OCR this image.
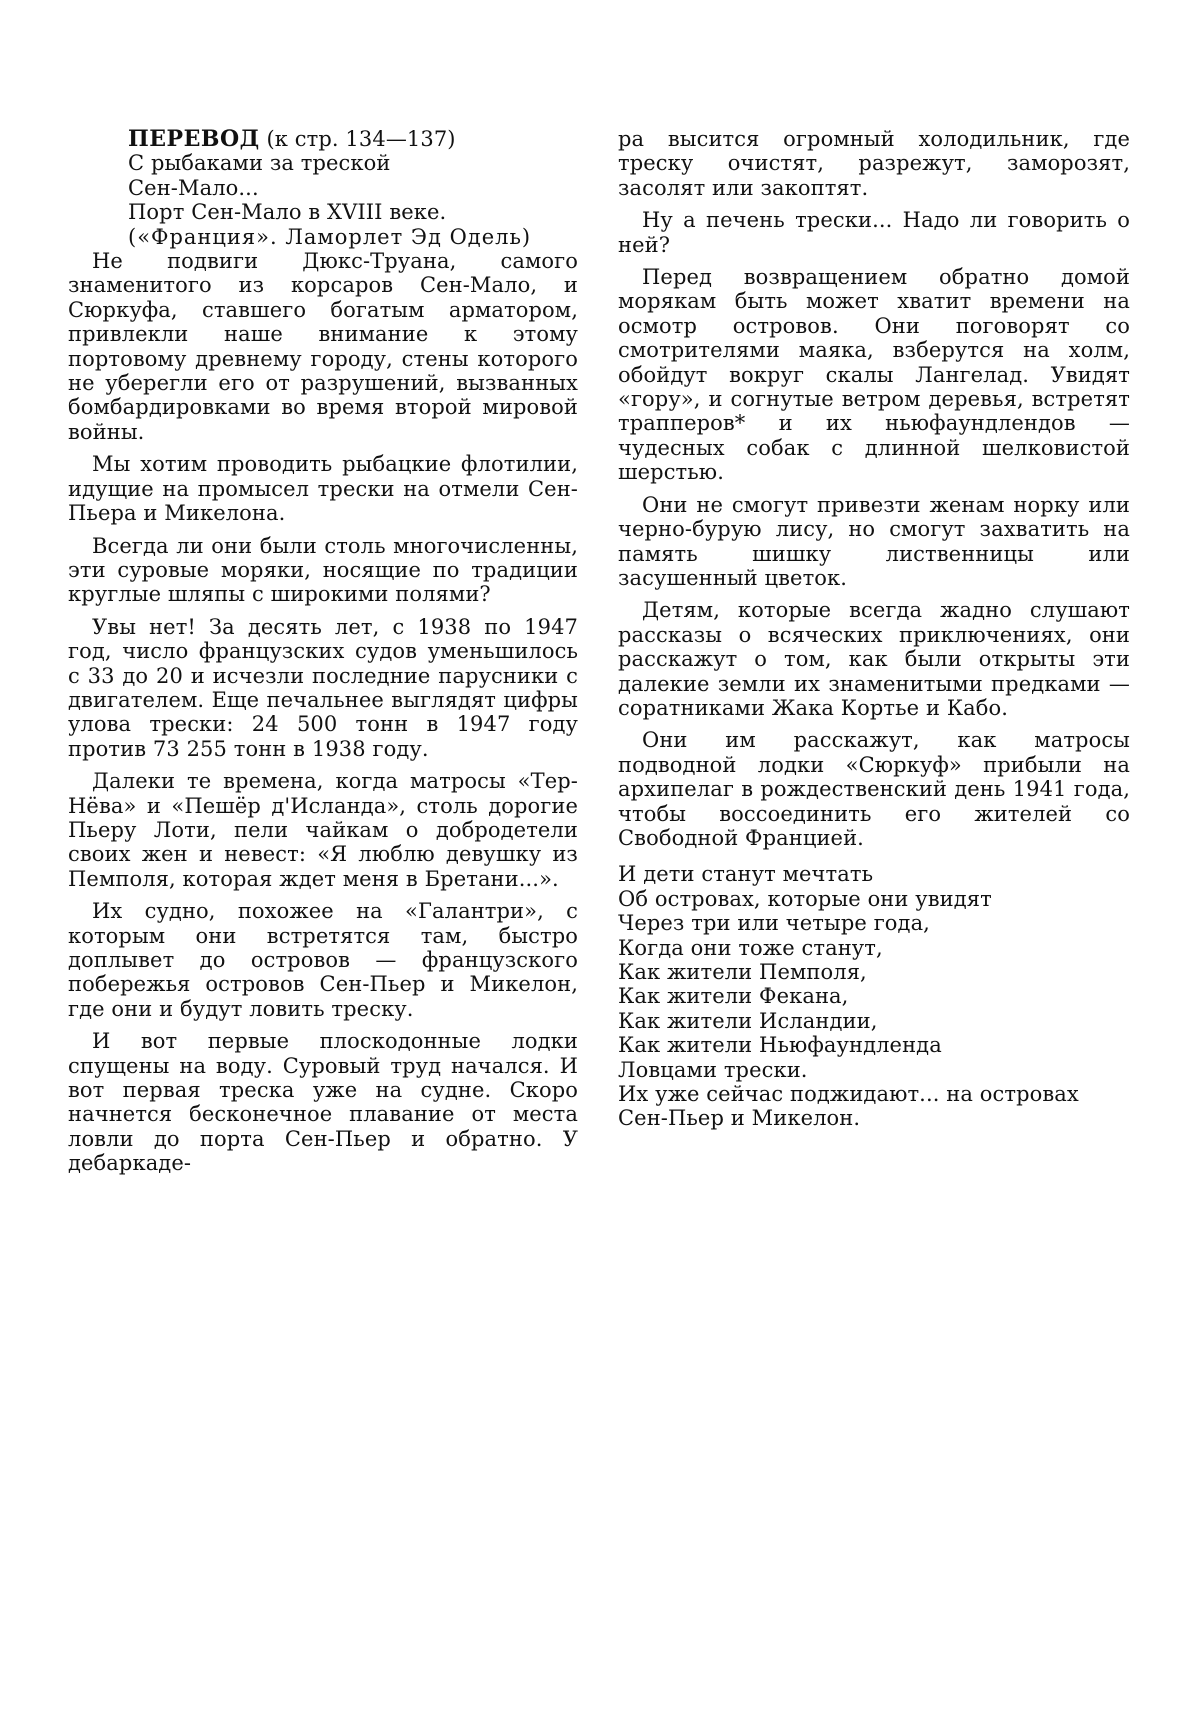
ПЕРЕВОД (к стр. 134—137)
С рыбаками за треской
Сен-Мало...
Порт Сен-Мало в XVIII веке.
(«Франция». Ламорлет Эд Одель)

Не подвиги Дюкс-Труана, самого знаменитого из корсаров Сен-Мало, и Сюркуфа, ставшего богатым арматором, привлекли наше внимание к этому портовому древнему городу, стены которого не уберегли его от разрушений, вызванных бомбардировками во время второй мировой войны.

Мы хотим проводить рыбацкие флотилии, идущие на промысел трески на отмели Сен-Пьера и Микелона.

Всегда ли они были столь многочисленны, эти суровые моряки, носящие по традиции круглые шляпы с широкими полями?

Увы нет! За десять лет, с 1938 по 1947 год, число французских судов уменьшилось с 33 до 20 и исчезли последние парусники с двигателем. Еще печальнее выглядят цифры улова трески: 24 500 тонн в 1947 году против 73 255 тонн в 1938 году.

Далеки те времена, когда матросы «Тер-Нёва» и «Пешёр д'Исланда», столь дорогие Пьеру Лоти, пели чайкам о добродетели своих жен и невест: «Я люблю девушку из Пемполя, которая ждет меня в Бретани...».

Их судно, похожее на «Галантри», с которым они встретятся там, быстро доплывет до островов — французского побережья островов Сен-Пьер и Микелон, где они и будут ловить треску.

И вот первые плоскодонные лодки спущены на воду. Суровый труд начался. И вот первая треска уже на судне. Скоро начнется бесконечное плавание от места ловли до порта Сен-Пьер и обратно. У дебаркаде-

ра высится огромный холодильник, где треску очистят, разрежут, заморозят, засолят или закоптят.

Ну а печень трески... Надо ли говорить о ней?

Перед возвращением обратно домой морякам быть может хватит времени на осмотр островов. Они поговорят со смотрителями маяка, взберутся на холм, обойдут вокруг скалы Лангелад. Увидят «гору», и согнутые ветром деревья, встретят трапперов* и их ньюфаундлендов — чудесных собак с длинной шелковистой шерстью.

Они не смогут привезти женам норку или черно-бурую лису, но смогут захватить на память шишку лиственницы или засушенный цветок.

Детям, которые всегда жадно слушают рассказы о всяческих приключениях, они расскажут о том, как были открыты эти далекие земли их знаменитыми предками — соратниками Жака Кортье и Кабо.

Они им расскажут, как матросы подводной лодки «Сюркуф» прибыли на архипелаг в рождественский день 1941 года, чтобы воссоединить его жителей со Свободной Францией.

И дети станут мечтать
Об островах, которые они увидят
Через три или четыре года,
Когда они тоже станут,
Как жители Пемполя,
Как жители Фекана,
Как жители Исландии,
Как жители Ньюфаундленда
Ловцами трески.
Их уже сейчас поджидают... на островах
Сен-Пьер и Микелон.
